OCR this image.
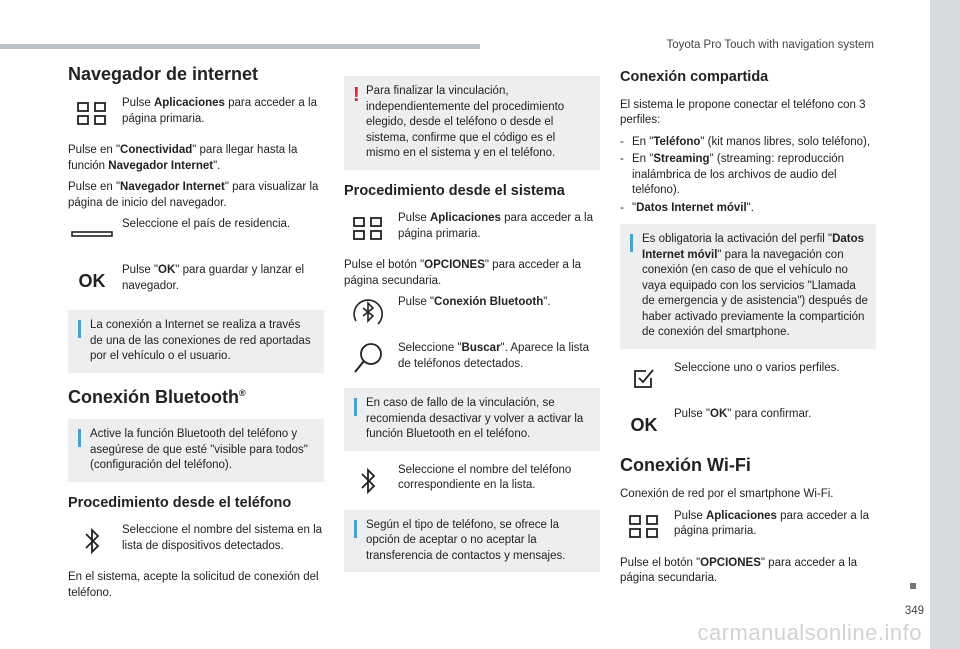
Toyota Pro Touch with navigation system
349
carmanualsonline.info
Navegador de internet

Pulse Aplicaciones para acceder a la página primaria.

Pulse en "Conectividad" para llegar hasta la función Navegador Internet".

Pulse en "Navegador Internet" para visualizar la página de inicio del navegador.

Seleccione el país de residencia.

OK

Pulse "OK" para guardar y lanzar el navegador.

La conexión a Internet se realiza a través de una de las conexiones de red aportadas por el vehículo o el usuario.
Conexión Bluetooth®
Active la función Bluetooth del teléfono y asegúrese de que esté "visible para todos" (configuración del teléfono).
Procedimiento desde el teléfono

Seleccione el nombre del sistema en la lista de dispositivos detectados.

En el sistema, acepte la solicitud de conexión del teléfono.

! Para finalizar la vinculación, independientemente del procedimiento elegido, desde el teléfono o desde el sistema, confirme que el código es el mismo en el sistema y en el teléfono.
Procedimiento desde el sistema

Pulse Aplicaciones para acceder a la página primaria.

Pulse el botón "OPCIONES" para acceder a la página secundaria.

Pulse "Conexión Bluetooth".

Seleccione "Buscar". Aparece la lista de teléfonos detectados.

En caso de fallo de la vinculación, se recomienda desactivar y volver a activar la función Bluetooth en el teléfono.

Seleccione el nombre del teléfono correspondiente en la lista.

Según el tipo de teléfono, se ofrece la opción de aceptar o no aceptar la transferencia de contactos y mensajes.
Conexión compartida

El sistema le propone conectar el teléfono con 3 perfiles:

- En "Teléfono" (kit manos libres, solo teléfono),
- En "Streaming" (streaming: reproducción inalámbrica de los archivos de audio del teléfono).
- "Datos Internet móvil".
Es obligatoria la activación del perfil "Datos Internet móvil" para la navegación con conexión (en caso de que el vehículo no vaya equipado con los servicios "Llamada de emergencia y de asistencia") después de haber activado previamente la compartición de conexión del smartphone.

Seleccione uno o varios perfiles.

OK

Pulse "OK" para confirmar.

Conexión Wi-Fi

Conexión de red por el smartphone Wi-Fi.

Pulse Aplicaciones para acceder a la página primaria.

Pulse el botón "OPCIONES" para acceder a la página secundaria.
